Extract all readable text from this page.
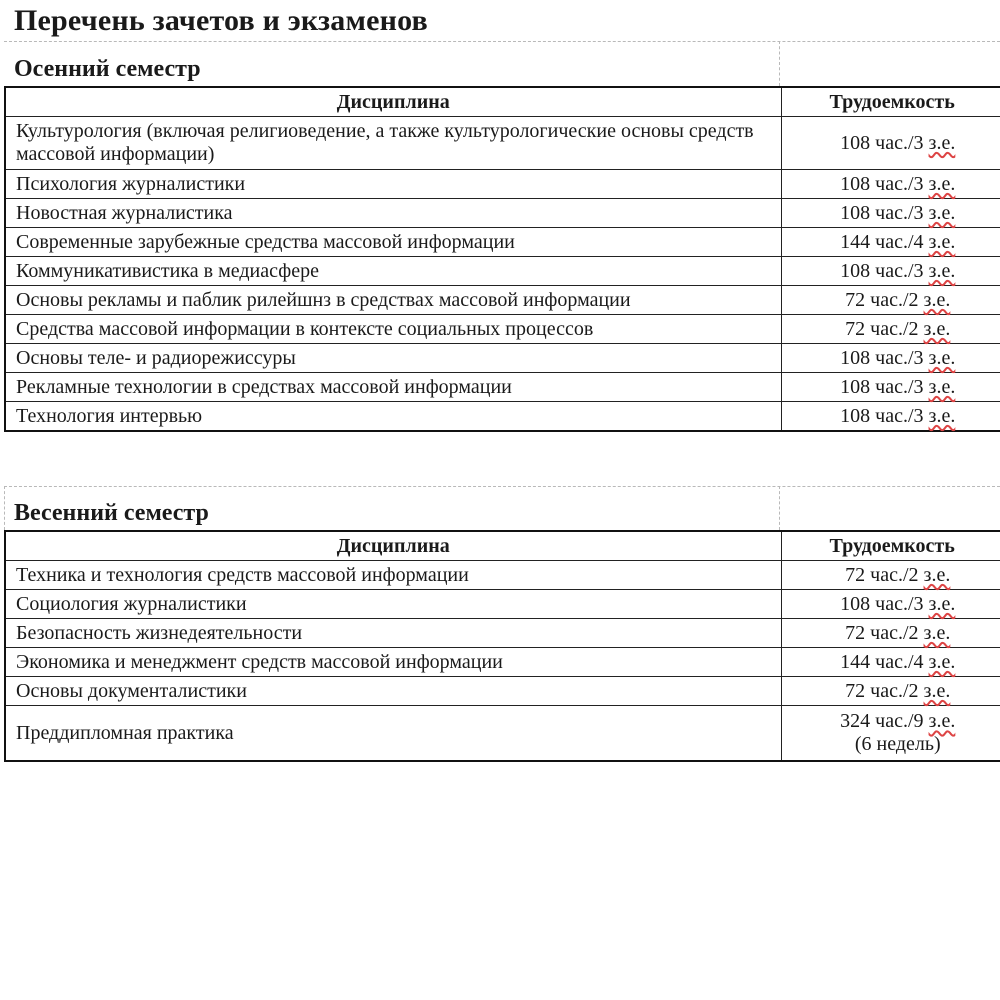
Перечень зачетов и экзаменов
Осенний семестр
Дисциплина	Трудоемкость
Культурология (включая религиоведение, а также культурологические основы средств массовой информации)	108 час./3 з.е.
Психология журналистики	108 час./3 з.е.
Новостная журналистика	108 час./3 з.е.
Современные зарубежные средства массовой информации	144 час./4 з.е.
Коммуникативистика в медиасфере	108 час./3 з.е.
Основы рекламы и паблик рилейшнз в средствах массовой информации	72 час./2 з.е.
Средства массовой информации в контексте социальных процессов	72 час./2 з.е.
Основы теле- и радиорежиссуры	108 час./3 з.е.
Рекламные технологии в средствах массовой информации	108 час./3 з.е.
Технология интервью	108 час./3 з.е.
Весенний семестр
Дисциплина	Трудоемкость
Техника и технология средств массовой информации	72 час./2 з.е.
Социология журналистики	108 час./3 з.е.
Безопасность жизнедеятельности	72 час./2 з.е.
Экономика и менеджмент средств массовой информации	144 час./4 з.е.
Основы документалистики	72 час./2 з.е.
Преддипломная практика	324 час./9 з.е.
(6 недель)
